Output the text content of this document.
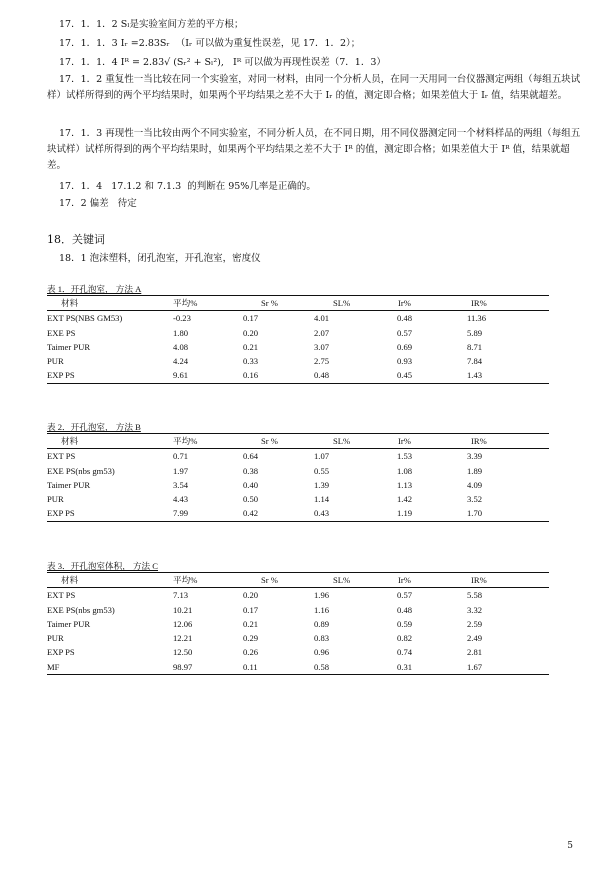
17．1．1．2 Sₗ是实验室间方差的平方根；
17．1．1．3 Iᵣ =2.83Sᵣ  （Iᵣ 可以做为重复性误差，见 17．1．2）；
17．1．1．4 Iᴿ = 2.83√ (Sᵣ² + Sₗ²),   Iᴿ 可以做为再现性误差（7．1．3）
17．1．2 重复性一当比较在同一个实验室，对同一材料，由同一个分析人员，在同一天用同一台仪器测定两组（每组五块试样）试样所得到的两个平均结果时，如果两个平均结果之差不大于 Iᵣ 的值，测定即合格；如果差值大于 Iᵣ 值，结果就超差。
17．1．3 再现性一当比较由两个不同实验室，不同分析人员，在不同日期，用不同仪器测定同一个材料样品的两组（每组五块试样）试样所得到的两个平均结果时，如果两个平均结果之差不大于 Iᴿ 的值，测定即合格；如果差值大于 Iᴿ 值，结果就超差。
17．1．4   17.1.2 和 7.1.3  的判断在 95%几率是正确的。
17．2 偏差   待定
18．关键词
18．1 泡沫塑料，闭孔泡室，开孔泡室，密度仪
表 1．开孔泡室， 方法 A
材料	平均%	Sr %	SL%	Ir%	IR%
EXT PS(NBS GM53)	-0.23	0.17	4.01	0.48	11.36
EXE PS	1.80	0.20	2.07	0.57	5.89
Taimer PUR	4.08	0.21	3.07	0.69	8.71
PUR	4.24	0.33	2.75	0.93	7.84
EXP PS	9.61	0.16	0.48	0.45	1.43
表 2．开孔泡室， 方法 B
材料	平均%	Sr %	SL%	Ir%	IR%
EXT PS	0.71	0.64	1.07	1.53	3.39
EXE PS(nbs gm53)	1.97	0.38	0.55	1.08	1.89
Taimer PUR	3.54	0.40	1.39	1.13	4.09
PUR	4.43	0.50	1.14	1.42	3.52
EXP PS	7.99	0.42	0.43	1.19	1.70
表 3．开孔泡室体积， 方法 C
材料	平均%	Sr %	SL%	Ir%	IR%
EXT PS	7.13	0.20	1.96	0.57	5.58
EXE PS(nbs gm53)	10.21	0.17	1.16	0.48	3.32
Taimer PUR	12.06	0.21	0.89	0.59	2.59
PUR	12.21	0.29	0.83	0.82	2.49
EXP PS	12.50	0.26	0.96	0.74	2.81
MF	98.97	0.11	0.58	0.31	1.67
5
